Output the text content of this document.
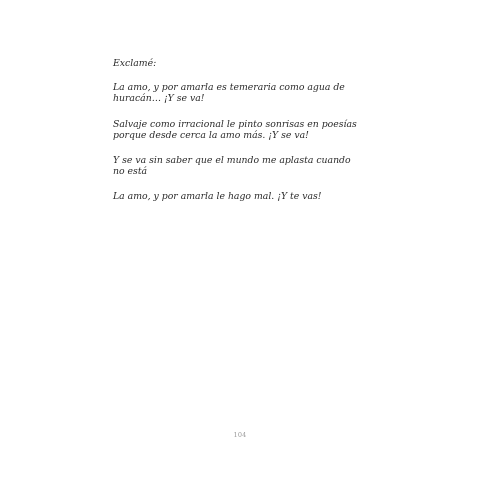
Exclamé:

La amo, y por amarla es temeraria como agua de
huracán… ¡Y se va!

Salvaje como irracional le pinto sonrisas en poesías
porque desde cerca la amo más. ¡Y se va!

Y se va sin saber que el mundo me aplasta cuando
no está

La amo, y por amarla le hago mal. ¡Y te vas!

104
